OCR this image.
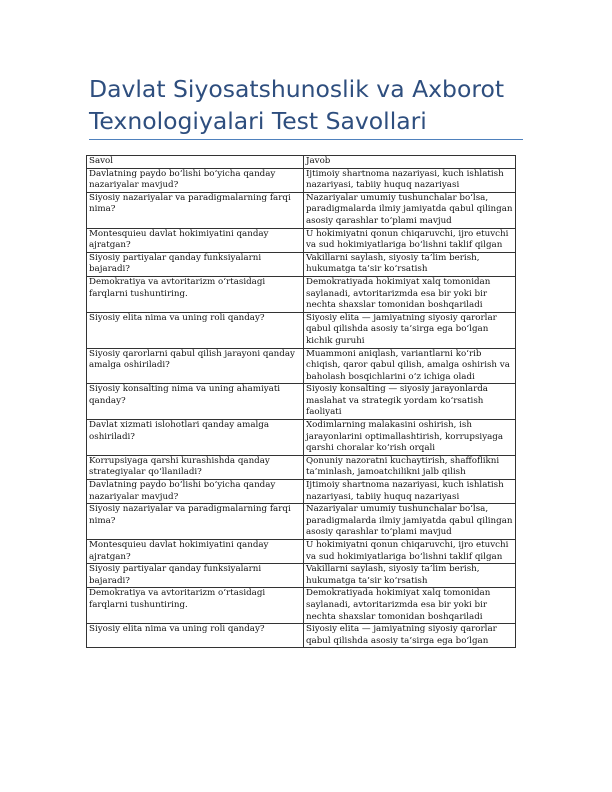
Davlat Siyosatshunoslik va Axborot Texnologiyalari Test Savollari
Savol	Javob
Davlatning paydo bo‘lishi bo‘yicha qanday nazariyalar mavjud?	Ijtimoiy shartnoma nazariyasi, kuch ishlatish nazariyasi, tabiiy huquq nazariyasi
Siyosiy nazariyalar va paradigmalarning farqi nima?	Nazariyalar umumiy tushunchalar bo‘lsa, paradigmalarda ilmiy jamiyatda qabul qilingan asosiy qarashlar to‘plami mavjud
Montesquieu davlat hokimiyatini qanday ajratgan?	U hokimiyatni qonun chiqaruvchi, ijro etuvchi va sud hokimiyatlariga bo‘lishni taklif qilgan
Siyosiy partiyalar qanday funksiyalarni bajaradi?	Vakillarni saylash, siyosiy ta’lim berish, hukumatga ta’sir ko‘rsatish
Demokratiya va avtoritarizm o‘rtasidagi farqlarni tushuntiring.	Demokratiyada hokimiyat xalq tomonidan saylanadi, avtoritarizmda esa bir yoki bir nechta shaxslar tomonidan boshqariladi
Siyosiy elita nima va uning roli qanday?	Siyosiy elita — jamiyatning siyosiy qarorlar qabul qilishda asosiy ta’sirga ega bo‘lgan kichik guruhi
Siyosiy qarorlarni qabul qilish jarayoni qanday amalga oshiriladi?	Muammoni aniqlash, variantlarni ko‘rib chiqish, qaror qabul qilish, amalga oshirish va baholash bosqichlarini o‘z ichiga oladi
Siyosiy konsalting nima va uning ahamiyati qanday?	Siyosiy konsalting — siyosiy jarayonlarda maslahat va strategik yordam ko‘rsatish faoliyati
Davlat xizmati islohotlari qanday amalga oshiriladi?	Xodimlarning malakasini oshirish, ish jarayonlarini optimallashtirish, korrupsiyaga qarshi choralar ko‘rish orqali
Korrupsiyaga qarshi kurashishda qanday strategiyalar qo‘llaniladi?	Qonuniy nazoratni kuchaytirish, shaffoflikni ta’minlash, jamoatchilikni jalb qilish
Davlatning paydo bo‘lishi bo‘yicha qanday nazariyalar mavjud?	Ijtimoiy shartnoma nazariyasi, kuch ishlatish nazariyasi, tabiiy huquq nazariyasi
Siyosiy nazariyalar va paradigmalarning farqi nima?	Nazariyalar umumiy tushunchalar bo‘lsa, paradigmalarda ilmiy jamiyatda qabul qilingan asosiy qarashlar to‘plami mavjud
Montesquieu davlat hokimiyatini qanday ajratgan?	U hokimiyatni qonun chiqaruvchi, ijro etuvchi va sud hokimiyatlariga bo‘lishni taklif qilgan
Siyosiy partiyalar qanday funksiyalarni bajaradi?	Vakillarni saylash, siyosiy ta’lim berish, hukumatga ta’sir ko‘rsatish
Demokratiya va avtoritarizm o‘rtasidagi farqlarni tushuntiring.	Demokratiyada hokimiyat xalq tomonidan saylanadi, avtoritarizmda esa bir yoki bir nechta shaxslar tomonidan boshqariladi
Siyosiy elita nima va uning roli qanday?	Siyosiy elita — jamiyatning siyosiy qarorlar qabul qilishda asosiy ta’sirga ega bo‘lgan
